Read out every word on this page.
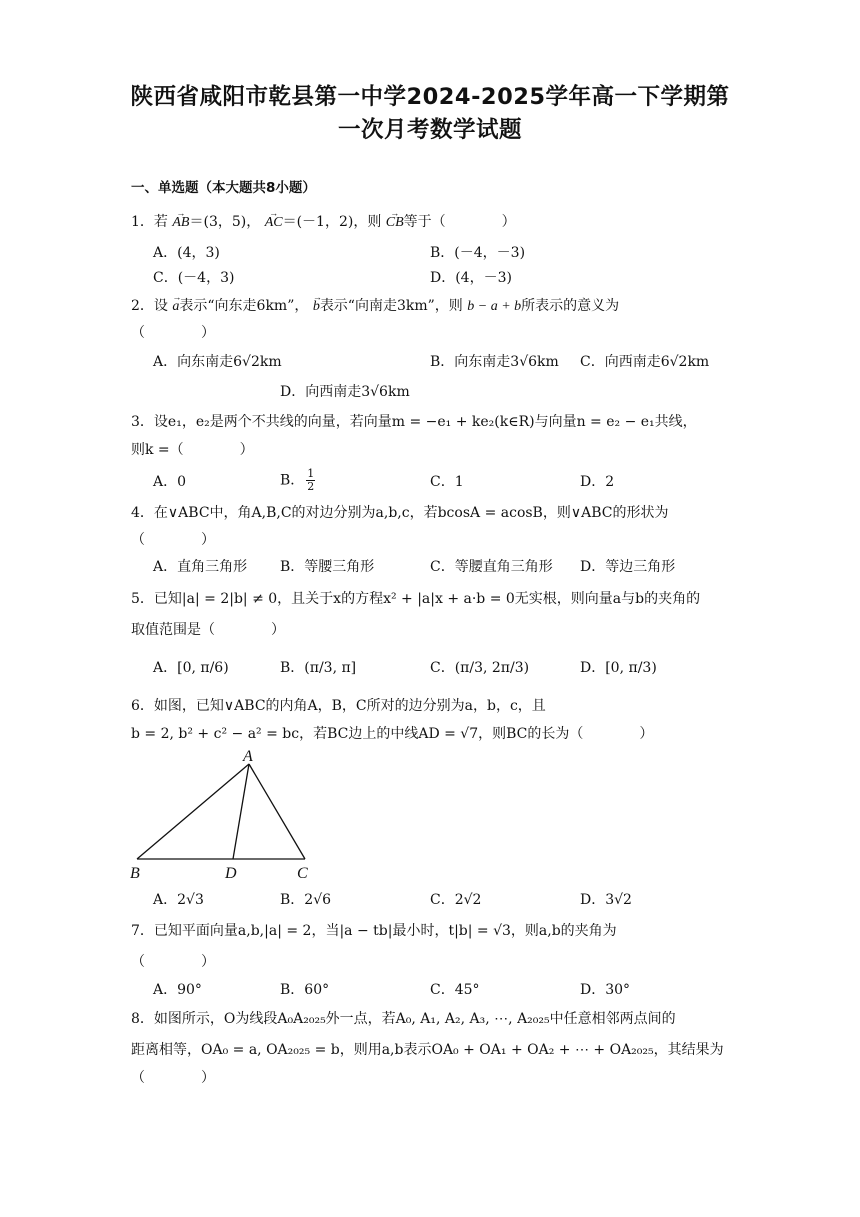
陕西省咸阳市乾县第一中学2024-2025学年高一下学期第
一次月考数学试题
一、单选题（本大题共8小题）
1．若 → AB＝(3，5)， → AC＝(－1，2)，则 → CB等于（　　　　）
A．(4，3)	B．(－4，－3)
C．(－4，3)	D．(4，－3)
2．设 → a表示“向东走6km”， → b表示“向南走3km”，则 b − a + b所表示的意义为
（　　　　）
A．向东南走6√2km	B．向东南走3√6km C．向西南走6√2km
D．向西南走3√6km
3．设e₁，e₂是两个不共线的向量，若向量m = −e₁ + ke₂(k∈R)与向量n = e₂ − e₁共线，
则k =（　　　　）
A．0	B． $\frac{1}{2}$	C．1	D．2
4．在∨ABC中，角A,B,C的对边分别为a,b,c，若bcosA = acosB，则∨ABC的形状为
（　　　　）
A．直角三角形 B．等腰三角形	C．等腰直角三角形 D．等边三角形
5．已知|a| = 2|b| ≠ 0，且关于x的方程x² + |a|x + a·b = 0无实根，则向量a与b的夹角的
取值范围是（　　　　）
A．[0, π/6)	B．(π/3, π]	C．(π/3, 2π/3)	D．[0, π/3)
6．如图，已知∨ABC的内角A，B，C所对的边分别为a，b，c，且
b = 2, b² + c² − a² = bc，若BC边上的中线AD = √7，则BC的长为（　　　　）
A
B	D	C
A．2√3	B．2√6	C．2√2	D．3√2
7．已知平面向量a,b,|a| = 2，当|a − tb|最小时，t|b| = √3，则a,b的夹角为
（　　　　）
A．90°	B．60°	C．45°	D．30°
8．如图所示，O为线段A₀A₂₀₂₅外一点，若A₀, A₁, A₂, A₃, ⋯, A₂₀₂₅中任意相邻两点间的
距离相等，OA₀ = a, OA₂₀₂₅ = b，则用a,b表示OA₀ + OA₁ + OA₂ + ⋯ + OA₂₀₂₅，其结果为
（　　　　）
